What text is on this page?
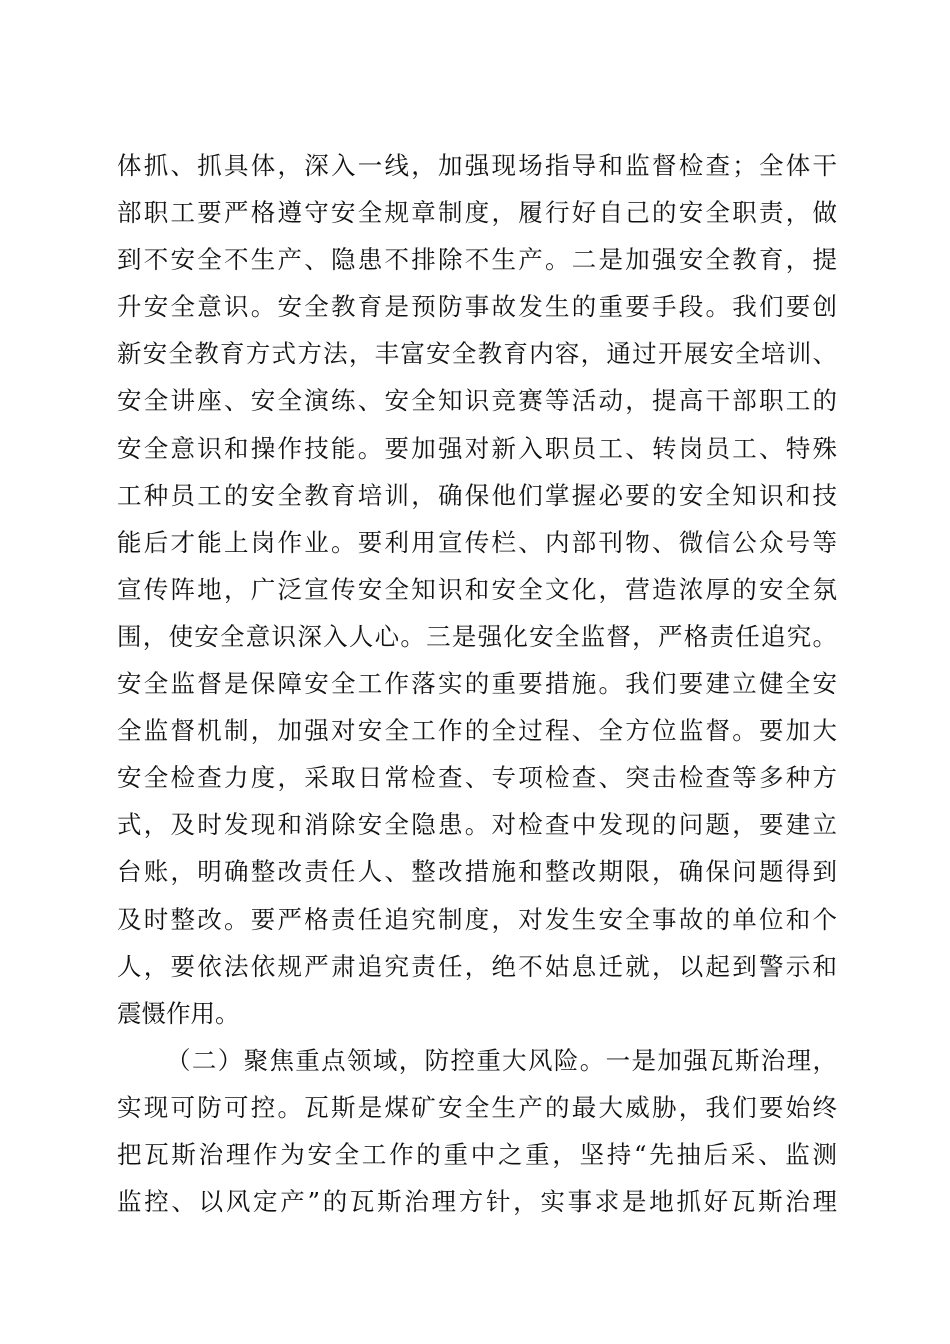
体抓、抓具体，深入一线，加强现场指导和监督检查；全体干
部职工要严格遵守安全规章制度，履行好自己的安全职责，做
到不安全不生产、隐患不排除不生产。二是加强安全教育，提
升安全意识。安全教育是预防事故发生的重要手段。我们要创
新安全教育方式方法，丰富安全教育内容，通过开展安全培训、
安全讲座、安全演练、安全知识竞赛等活动，提高干部职工的
安全意识和操作技能。要加强对新入职员工、转岗员工、特殊
工种员工的安全教育培训，确保他们掌握必要的安全知识和技
能后才能上岗作业。要利用宣传栏、内部刊物、微信公众号等
宣传阵地，广泛宣传安全知识和安全文化，营造浓厚的安全氛
围，使安全意识深入人心。三是强化安全监督，严格责任追究。
安全监督是保障安全工作落实的重要措施。我们要建立健全安
全监督机制，加强对安全工作的全过程、全方位监督。要加大
安全检查力度，采取日常检查、专项检查、突击检查等多种方
式，及时发现和消除安全隐患。对检查中发现的问题，要建立
台账，明确整改责任人、整改措施和整改期限，确保问题得到
及时整改。要严格责任追究制度，对发生安全事故的单位和个
人，要依法依规严肃追究责任，绝不姑息迁就，以起到警示和
震慑作用。
（二）聚焦重点领域，防控重大风险。一是加强瓦斯治理，
实现可防可控。瓦斯是煤矿安全生产的最大威胁，我们要始终
把瓦斯治理作为安全工作的重中之重，坚持“先抽后采、监测
监控、以风定产”的瓦斯治理方针，实事求是地抓好瓦斯治理
